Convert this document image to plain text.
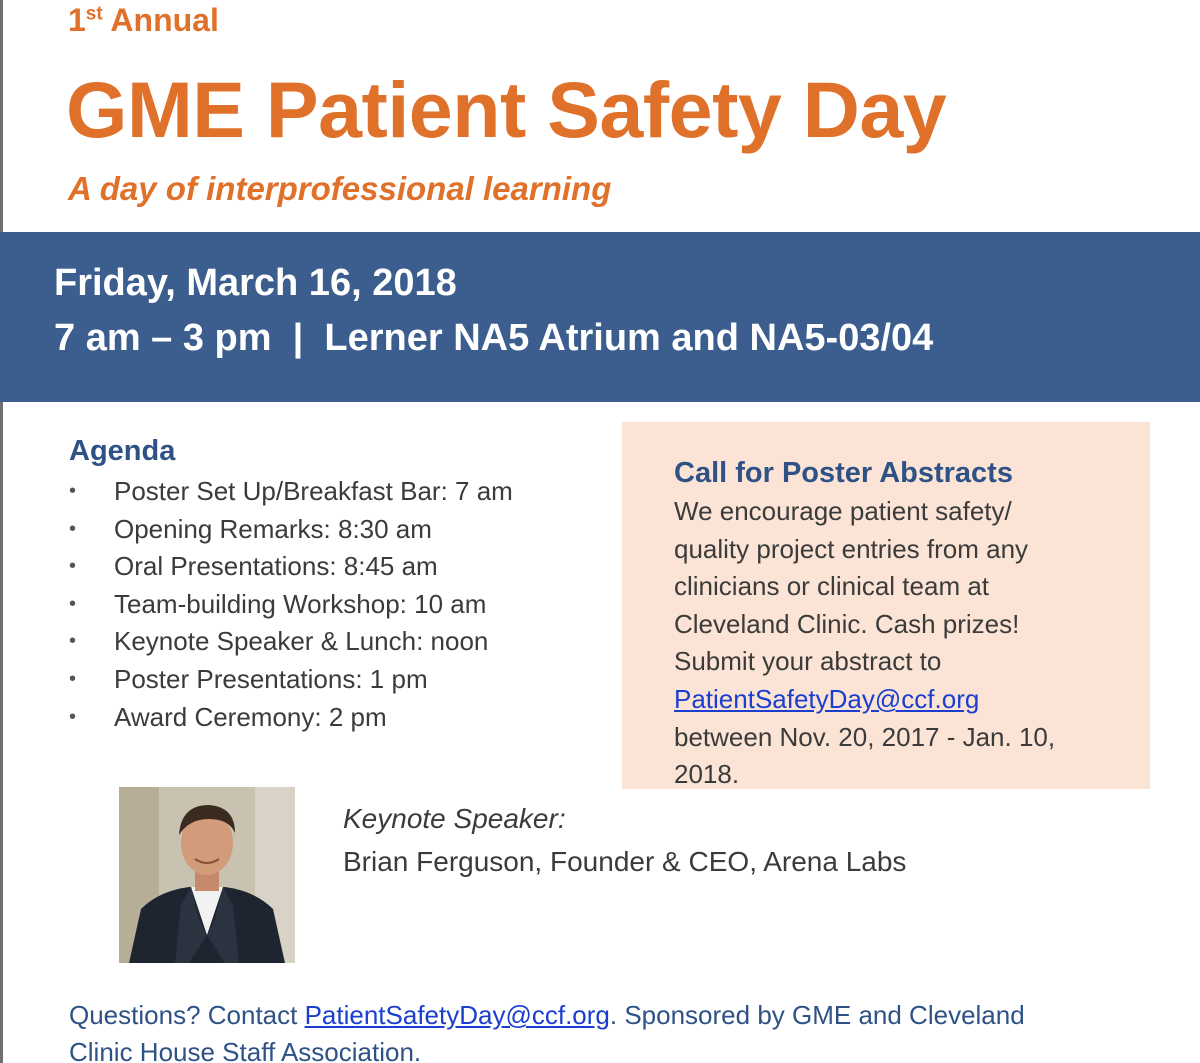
1st Annual
GME Patient Safety Day
A day of interprofessional learning
Friday, March 16, 2018
7 am – 3 pm  |  Lerner NA5 Atrium and NA5-03/04
Agenda
•	Poster Set Up/Breakfast Bar: 7 am
•	Opening Remarks: 8:30 am
•	Oral Presentations: 8:45 am
•	Team-building Workshop: 10 am
•	Keynote Speaker & Lunch: noon
•	Poster Presentations: 1 pm
•	Award Ceremony: 2 pm
Call for Poster Abstracts
We encourage patient safety/
quality project entries from any
clinicians or clinical team at
Cleveland Clinic. Cash prizes!
Submit your abstract to
PatientSafetyDay@ccf.org
between Nov. 20, 2017 - Jan. 10,
2018.
Keynote Speaker:
Brian Ferguson, Founder & CEO, Arena Labs
Questions? Contact PatientSafetyDay@ccf.org. Sponsored by GME and Cleveland
Clinic House Staff Association.
